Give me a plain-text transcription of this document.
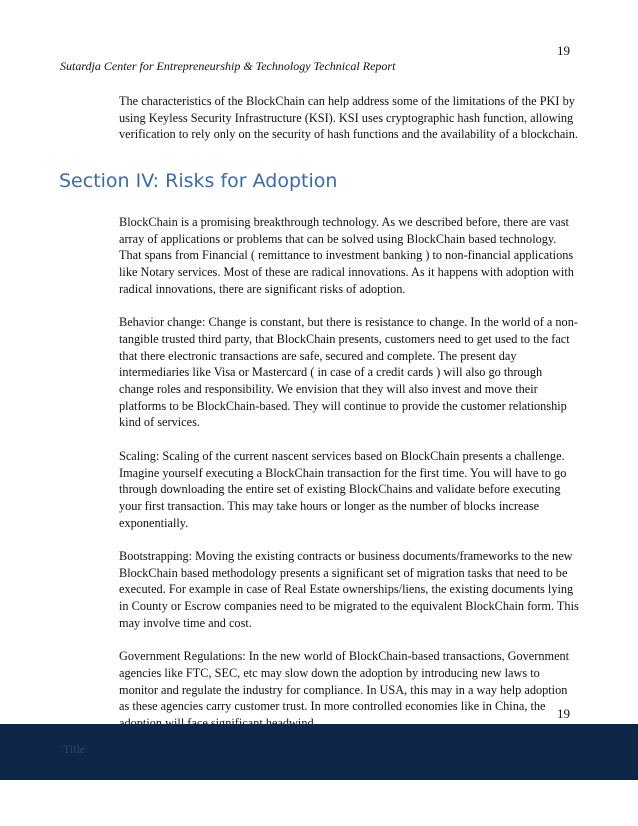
19
Sutardja Center for Entrepreneurship & Technology Technical Report

The characteristics of the BlockChain can help address some of the limitations of the PKI by using Keyless Security Infrastructure (KSI). KSI uses cryptographic hash function, allowing verification to rely only on the security of hash functions and the availability of a blockchain.

Section IV: Risks for Adoption

BlockChain is a promising breakthrough technology. As we described before, there are vast array of applications or problems that can be solved using BlockChain based technology. That spans from Financial ( remittance to investment banking ) to non-financial applications like Notary services. Most of these are radical innovations. As it happens with adoption with radical innovations, there are significant risks of adoption.

Behavior change: Change is constant, but there is resistance to change. In the world of a non-tangible trusted third party, that BlockChain presents, customers need to get used to the fact that there electronic transactions are safe, secured and complete. The present day intermediaries like Visa or Mastercard ( in case of a credit cards ) will also go through change roles and responsibility. We envision that they will also invest and move their platforms to be BlockChain-based. They will continue to provide the customer relationship kind of services.

Scaling: Scaling of the current nascent services based on BlockChain presents a challenge. Imagine yourself executing a BlockChain transaction for the first time. You will have to go through downloading the entire set of existing BlockChains and validate before executing your first transaction. This may take hours or longer as the number of blocks increase exponentially.

Bootstrapping: Moving the existing contracts or business documents/frameworks to the new BlockChain based methodology presents a significant set of migration tasks that need to be executed. For example in case of Real Estate ownerships/liens, the existing documents lying in County or Escrow companies need to be migrated to the equivalent BlockChain form. This may involve time and cost.

Government Regulations: In the new world of BlockChain-based transactions, Government agencies like FTC, SEC, etc may slow down the adoption by introducing new laws to monitor and regulate the industry for compliance. In USA, this may in a way help adoption as these agencies carry customer trust. In more controlled economies like in China, the 19
Title
